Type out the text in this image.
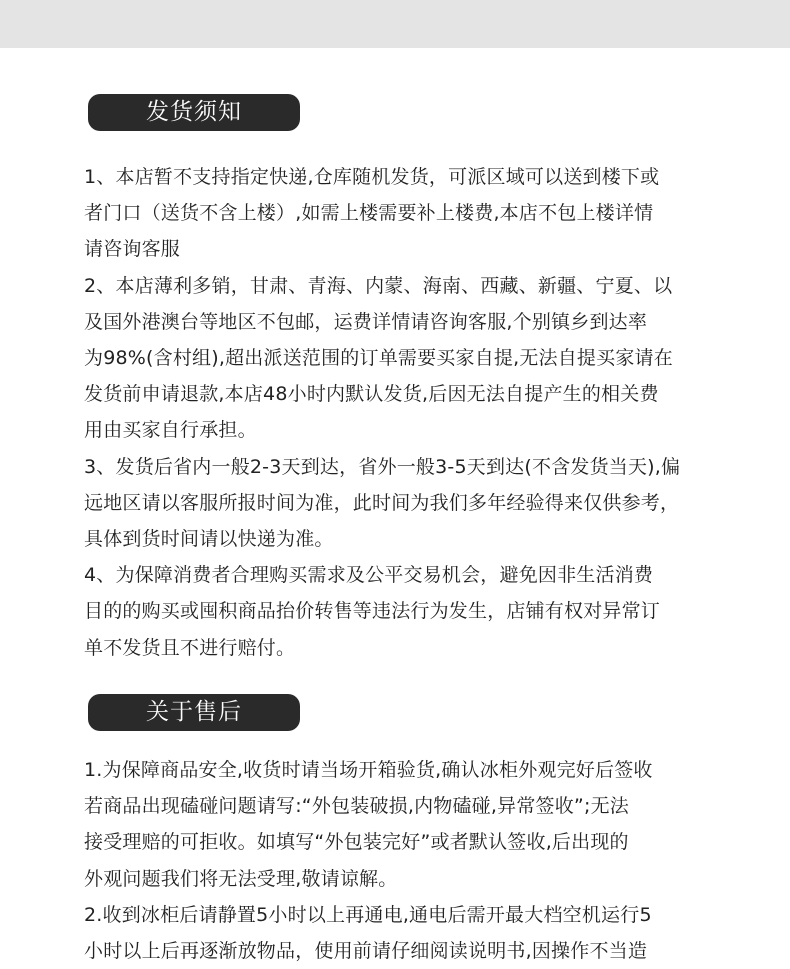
发货须知

1、本店暂不支持指定快递,仓库随机发货，可派区域可以送到楼下或
者门口（送货不含上楼）,如需上楼需要补上楼费,本店不包上楼详情
请咨询客服

2、本店薄利多销，甘肃、青海、内蒙、海南、西藏、新疆、宁夏、以
及国外港澳台等地区不包邮，运费详情请咨询客服,个别镇乡到达率
为98%(含村组),超出派送范围的订单需要买家自提,无法自提买家请在
发货前申请退款,本店48小时内默认发货,后因无法自提产生的相关费
用由买家自行承担。

3、发货后省内一般2-3天到达，省外一般3-5天到达(不含发货当天),偏
远地区请以客服所报时间为准，此时间为我们多年经验得来仅供参考，
具体到货时间请以快递为准。

4、为保障消费者合理购买需求及公平交易机会，避免因非生活消费
目的的购买或囤积商品抬价转售等违法行为发生，店铺有权对异常订
单不发货且不进行赔付。

关于售后

1.为保障商品安全,收货时请当场开箱验货,确认冰柜外观完好后签收
若商品出现磕碰问题请写:“外包装破损,内物磕碰,异常签收”;无法
接受理赔的可拒收。如填写“外包装完好”或者默认签收,后出现的
外观问题我们将无法受理,敬请谅解。

2.收到冰柜后请静置5小时以上再通电,通电后需开最大档空机运行5
小时以上后再逐渐放物品，使用前请仔细阅读说明书,因操作不当造
